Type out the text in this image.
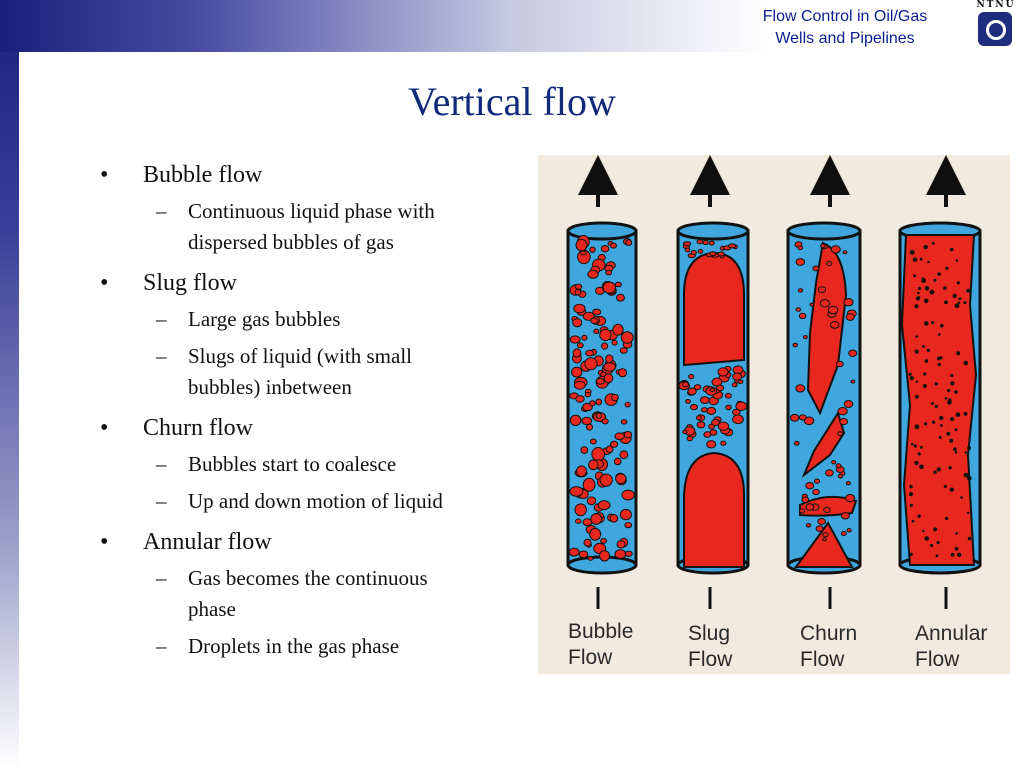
Flow Control in Oil/Gas
Wells and Pipelines
NTNU
Vertical flow
• Bubble flow
– Continuous liquid phase with
dispersed bubbles of gas
• Slug flow
– Large gas bubbles
– Slugs of liquid (with small
bubbles) inbetween
• Churn flow
– Bubbles start to coalesce
– Up and down motion of liquid
• Annular flow
– Gas becomes the continuous
phase
– Droplets in the gas phase
Bubble
Flow
Slug
Flow
Churn
Flow
Annular
Flow
